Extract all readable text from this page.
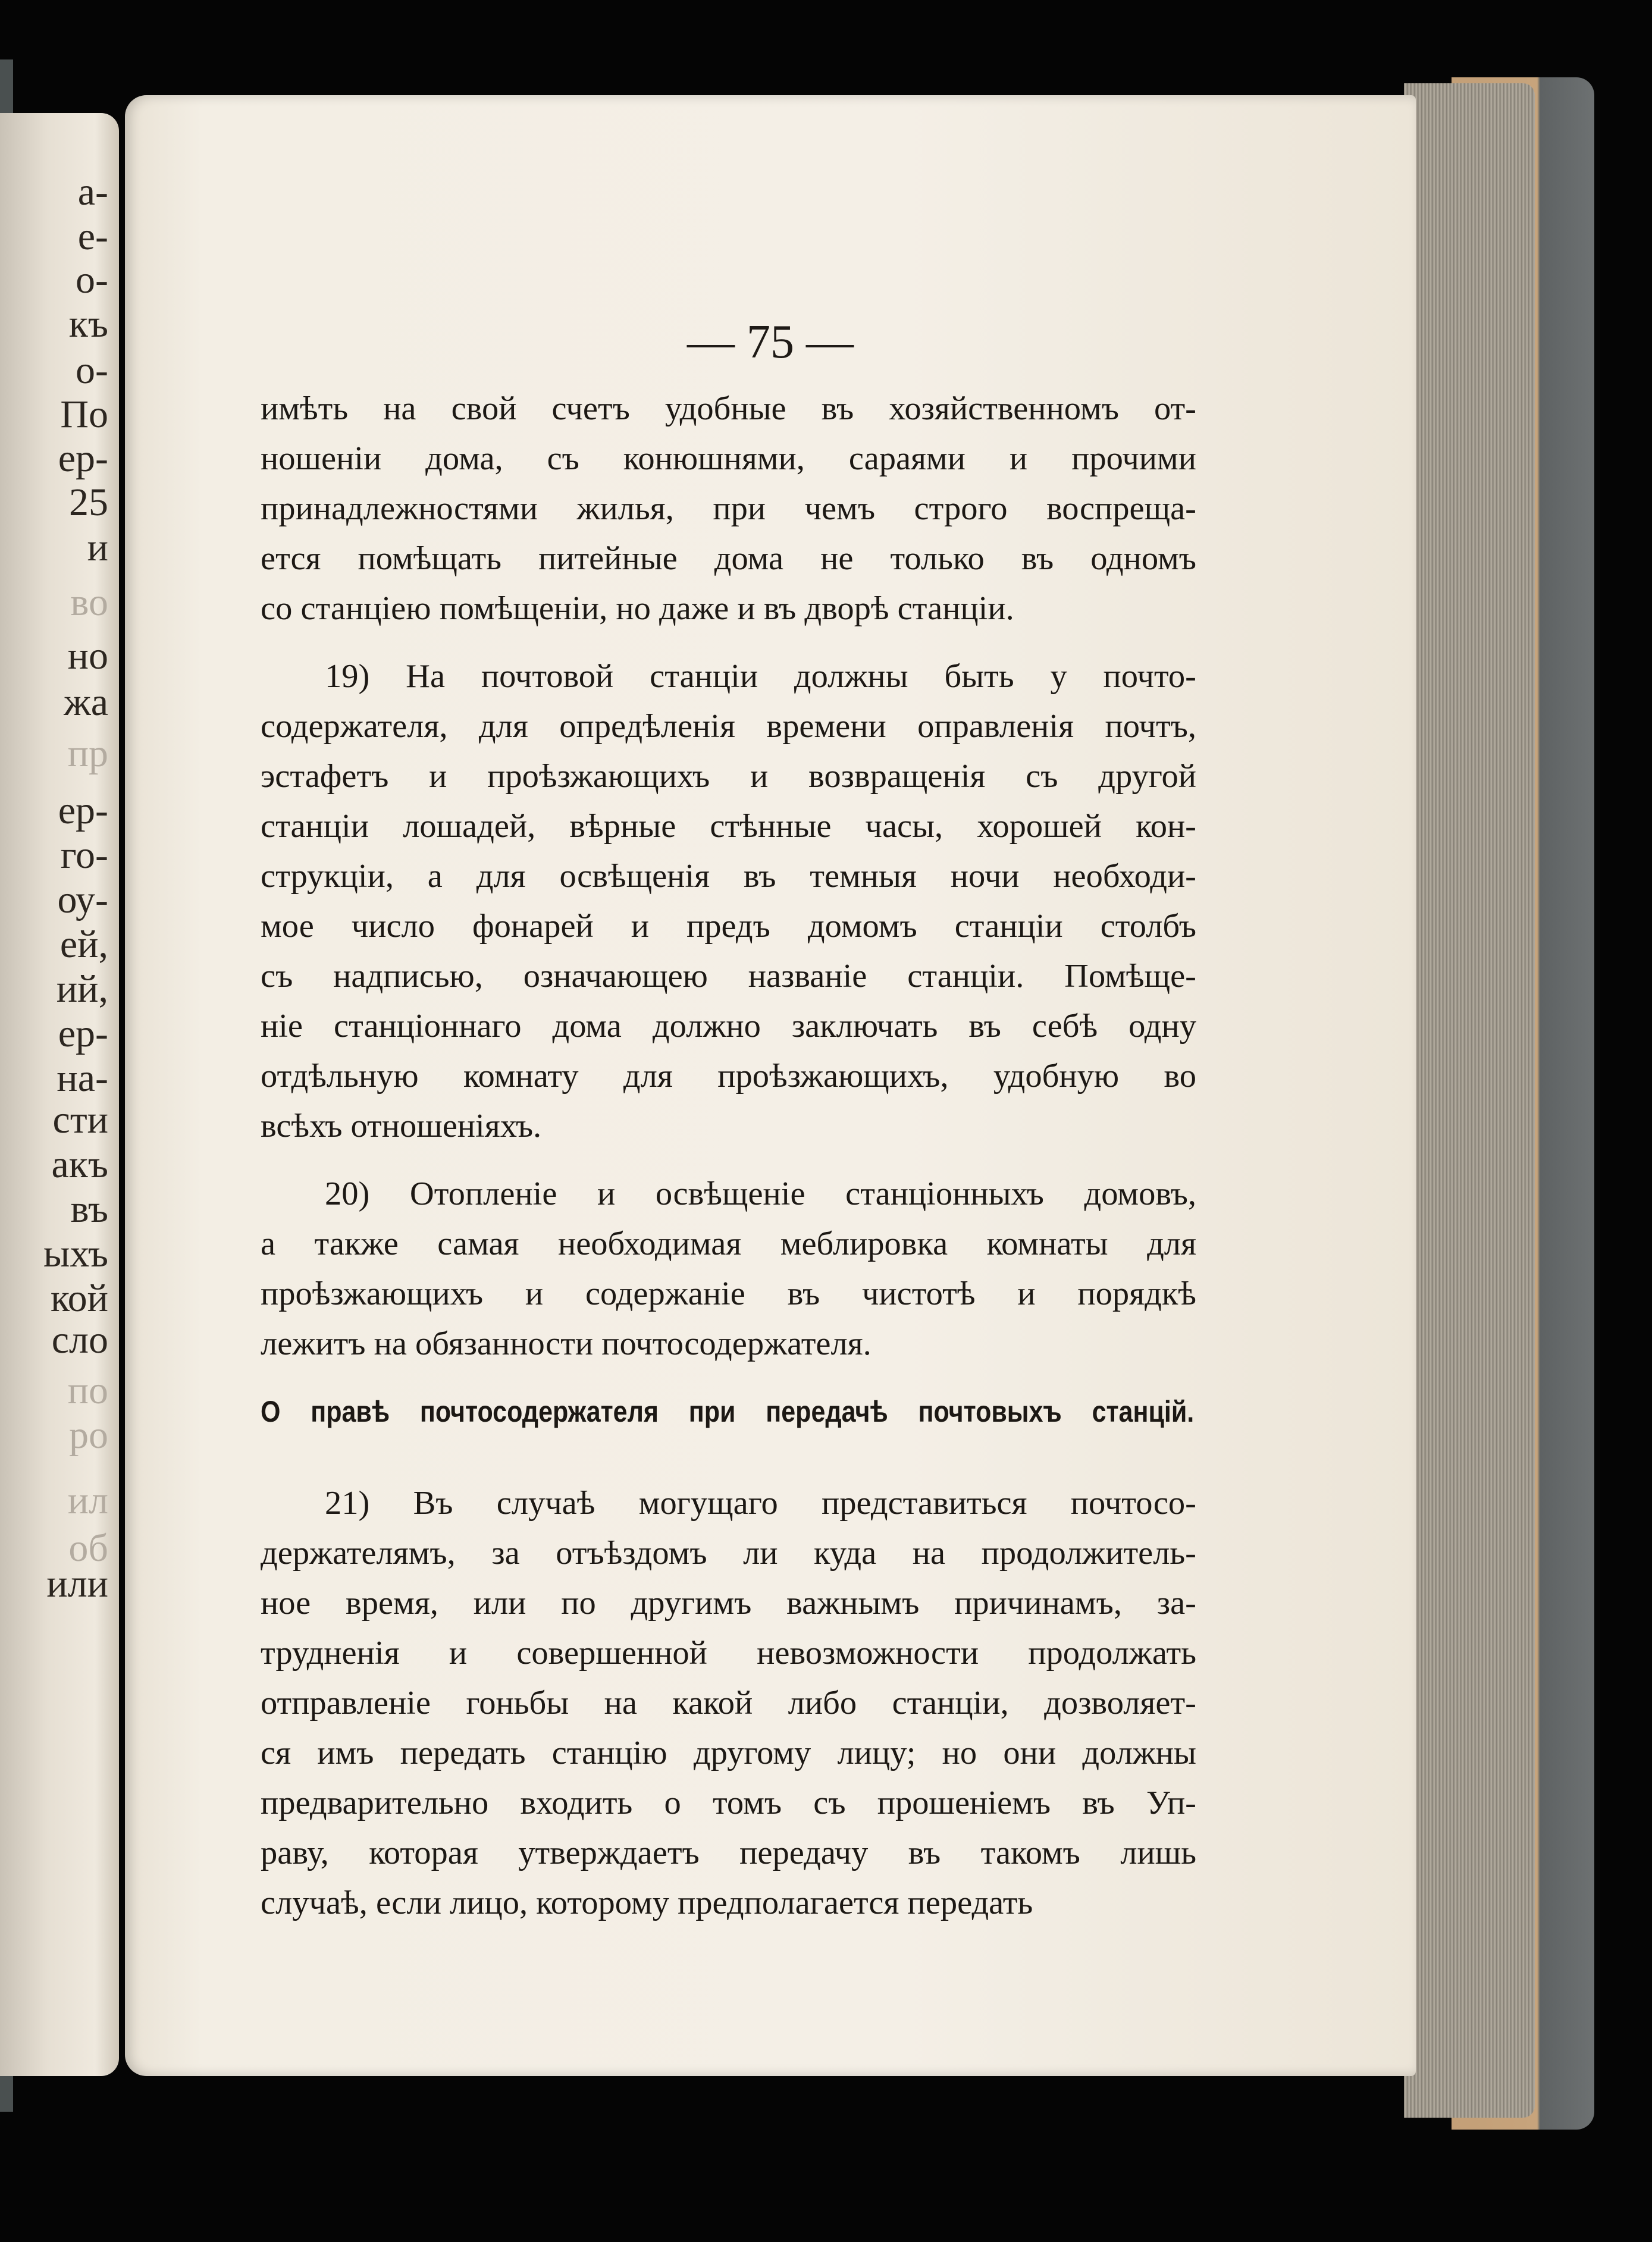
а-
е-
о-
къ
о-
По
ер-
25
и
во
но
жа
пр
ер-
го-
оу-
ей,
ий,
ер-
на-
сти
акъ
въ
ыхъ
кой
сло
по
ро
ил
об
или
— 75 —
имѣть на свой счетъ удобные въ хозяйственномъ от-
ношеніи дома, съ конюшнями, сараями и прочими
принадлежностями жилья, при чемъ строго воспреща-
ется помѣщать питейные дома не только въ одномъ
со станціею помѣщеніи, но даже и въ дворѣ станціи.
19) На почтовой станціи должны быть у почто-
содержателя, для опредѣленія времени оправленія почтъ,
эстафетъ и проѣзжающихъ и возвращенія съ другой
станціи лошадей, вѣрные стѣнные часы, хорошей кон-
струкціи, а для освѣщенія въ темныя ночи необходи-
мое число фонарей и предъ домомъ станціи столбъ
съ надписью, означающею названіе станціи. Помѣще-
ніе станціоннаго дома должно заключать въ себѣ одну
отдѣльную комнату для проѣзжающихъ, удобную во
всѣхъ отношеніяхъ.
20) Отопленіе и освѣщеніе станціонныхъ домовъ,
а также самая необходимая меблировка комнаты для
проѣзжающихъ и содержаніе въ чистотѣ и порядкѣ
лежитъ на обязанности почтосодержателя.
О правѣ почтосодержателя при передачѣ почтовыхъ станцій.
21) Въ случаѣ могущаго представиться почтосо-
держателямъ, за отъѣздомъ ли куда на продолжитель-
ное время, или по другимъ важнымъ причинамъ, за-
трудненія и совершенной невозможности продолжать
отправленіе гоньбы на какой либо станціи, дозволяет-
ся имъ передать станцію другому лицу; но они должны
предварительно входить о томъ съ прошеніемъ въ Уп-
раву, которая утверждаетъ передачу въ такомъ лишь
случаѣ, если лицо, которому предполагается передать
